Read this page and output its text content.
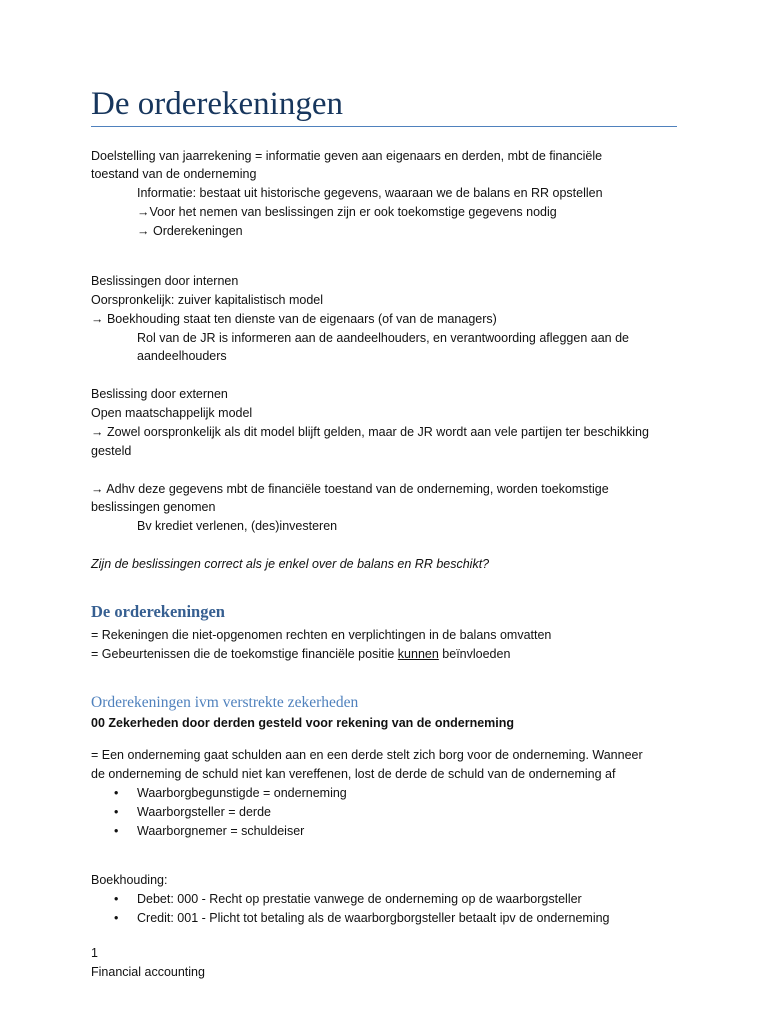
De orderekeningen
Doelstelling van jaarrekening = informatie geven aan eigenaars en derden, mbt de financiële
toestand van de onderneming
Informatie: bestaat uit historische gegevens, waaraan we de balans en RR opstellen
→Voor het nemen van beslissingen zijn er ook toekomstige gegevens nodig
→ Orderekeningen
Beslissingen door internen
Oorspronkelijk: zuiver kapitalistisch model
→ Boekhouding staat ten dienste van de eigenaars (of van de managers)
Rol van de JR is informeren aan de aandeelhouders, en verantwoording afleggen aan de
aandeelhouders
Beslissing door externen
Open maatschappelijk model
→ Zowel oorspronkelijk als dit model blijft gelden, maar de JR wordt aan vele partijen ter beschikking
gesteld
→ Adhv deze gegevens mbt de financiële toestand van de onderneming, worden toekomstige
beslissingen genomen
Bv krediet verlenen, (des)investeren
Zijn de beslissingen correct als je enkel over de balans en RR beschikt?
De orderekeningen
= Rekeningen die niet-opgenomen rechten en verplichtingen in de balans omvatten
= Gebeurtenissen die de toekomstige financiële positie kunnen beïnvloeden
Orderekeningen ivm verstrekte zekerheden
00 Zekerheden door derden gesteld voor rekening van de onderneming
= Een onderneming gaat schulden aan en een derde stelt zich borg voor de onderneming. Wanneer
de onderneming de schuld niet kan vereffenen, lost de derde de schuld van de onderneming af
• Waarborgbegunstigde = onderneming
• Waarborgsteller = derde
• Waarborgnemer = schuldeiser
Boekhouding:
• Debet: 000 - Recht op prestatie vanwege de onderneming op de waarborgsteller
• Credit: 001 - Plicht tot betaling als de waarborgborgsteller betaalt ipv de onderneming
1
Financial accounting
